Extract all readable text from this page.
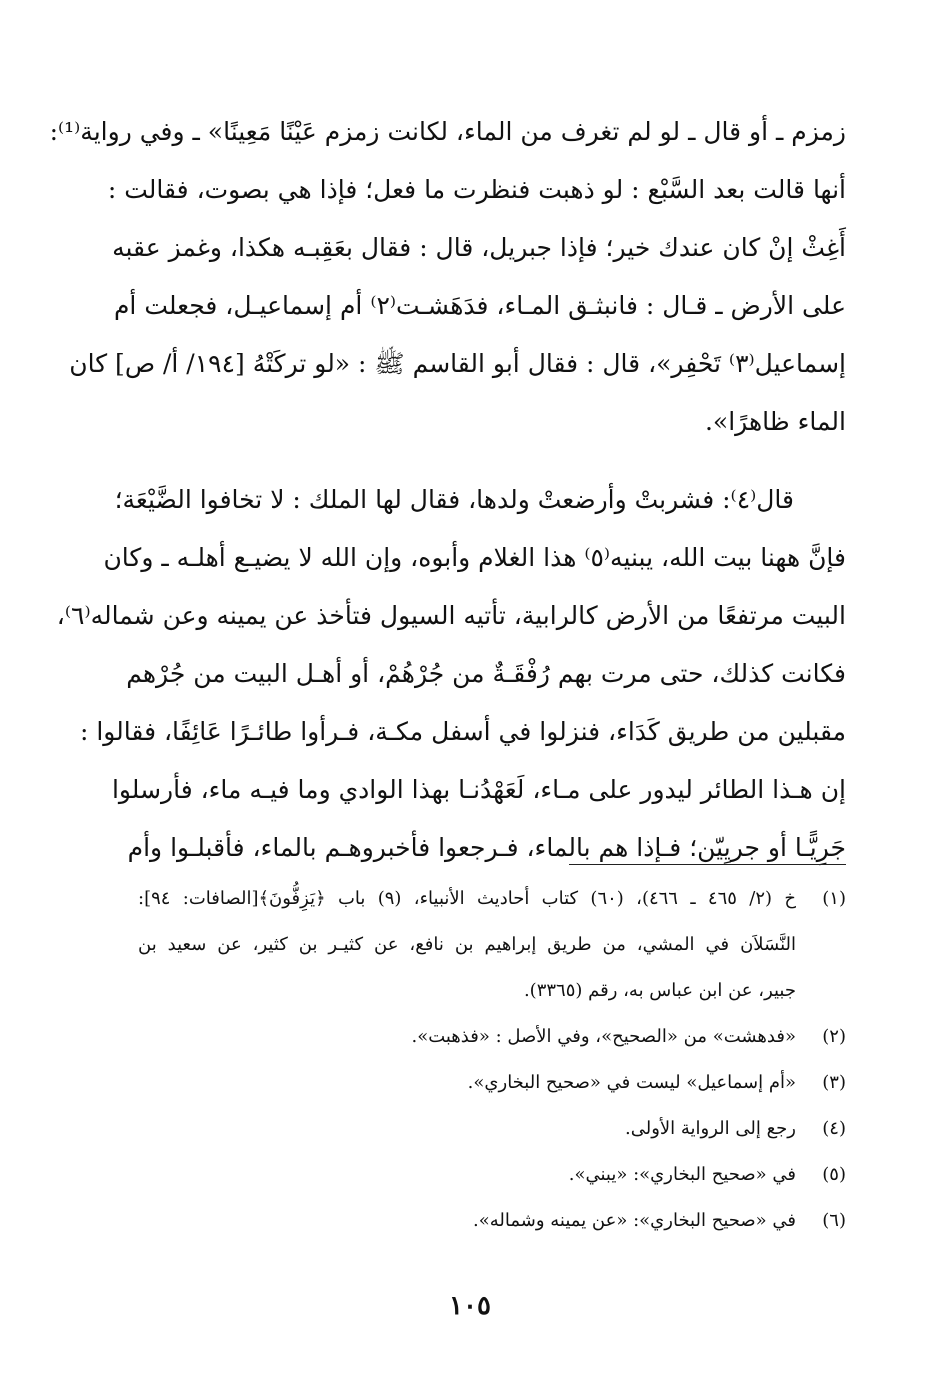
زمزم ـ أو قال ـ لو لم تغرف من الماء، لكانت زمزم عَيْنًا مَعِينًا» ـ وفي رواية⁽¹⁾:
أنها قالت بعد السَّبْع : لو ذهبت فنظرت ما فعل؛ فإذا هي بصوت، فقالت :
أَغِثْ إنْ كان عندك خير؛ فإذا جبريل، قال : فقال بعَقِبـه هكذا، وغمز عقبه
على الأرض ـ قـال : فانبثـق المـاء، فدَهَشـت⁽٢⁾ أم إسماعيـل، فجعلت أم
إسماعيل⁽٣⁾ تَحْفِر»، قال : فقال أبو القاسم ﷺ : «لو تركَتْهُ [١٩٤/ أ/ ص] كان
الماء ظاهرًا».
قال⁽٤⁾: فشربتْ وأرضعتْ ولدها، فقال لها الملك : لا تخافوا الضَّيْعَة؛
فإنَّ ههنا بيت الله، يبنيه⁽٥⁾ هذا الغلام وأبوه، وإن الله لا يضيـع أهلـه ـ وكان
البيت مرتفعًا من الأرض كالرابية، تأتيه السيول فتأخذ عن يمينه وعن شماله⁽٦⁾،
فكانت كذلك، حتى مرت بهم رُفْقَـةٌ من جُرْهُمْ، أو أهـل البيت من جُرْهم
مقبلين من طريق كَدَاء، فنزلوا في أسفل مكـة، فـرأوا طائـرًا عَائِفًا، فقالوا :
إن هـذا الطائر ليدور على مـاء، لَعَهْدُنـا بهذا الوادي وما فيـه ماء، فأرسلوا
جَرِيًّـا أو جريِيّن؛ فـإذا هم بالماء، فـرجعوا فأخبروهـم بالماء، فأقبلـوا وأم
(١)
خ (٢/ ٤٦٥ ـ ٤٦٦)، (٦٠) كتاب أحاديث الأنبياء، (٩) باب ﴿يَزِفُّونَ﴾[الصافات: ٩٤]:
النَّسَلاَن في المشي، من طريق إبراهيم بن نافع، عن كثيـر بن كثير، عن سعيد بن
جبير، عن ابن عباس به، رقم (٣٣٦٥).
(٢)
«فدهشت» من «الصحيح»، وفي الأصل : «فذهبت».
(٣)
«أم إسماعيل» ليست في «صحيح البخاري».
(٤)
رجع إلى الرواية الأولى.
(٥)
في «صحيح البخاري»: «يبني».
(٦)
في «صحيح البخاري»: «عن يمينه وشماله».
١٠٥
